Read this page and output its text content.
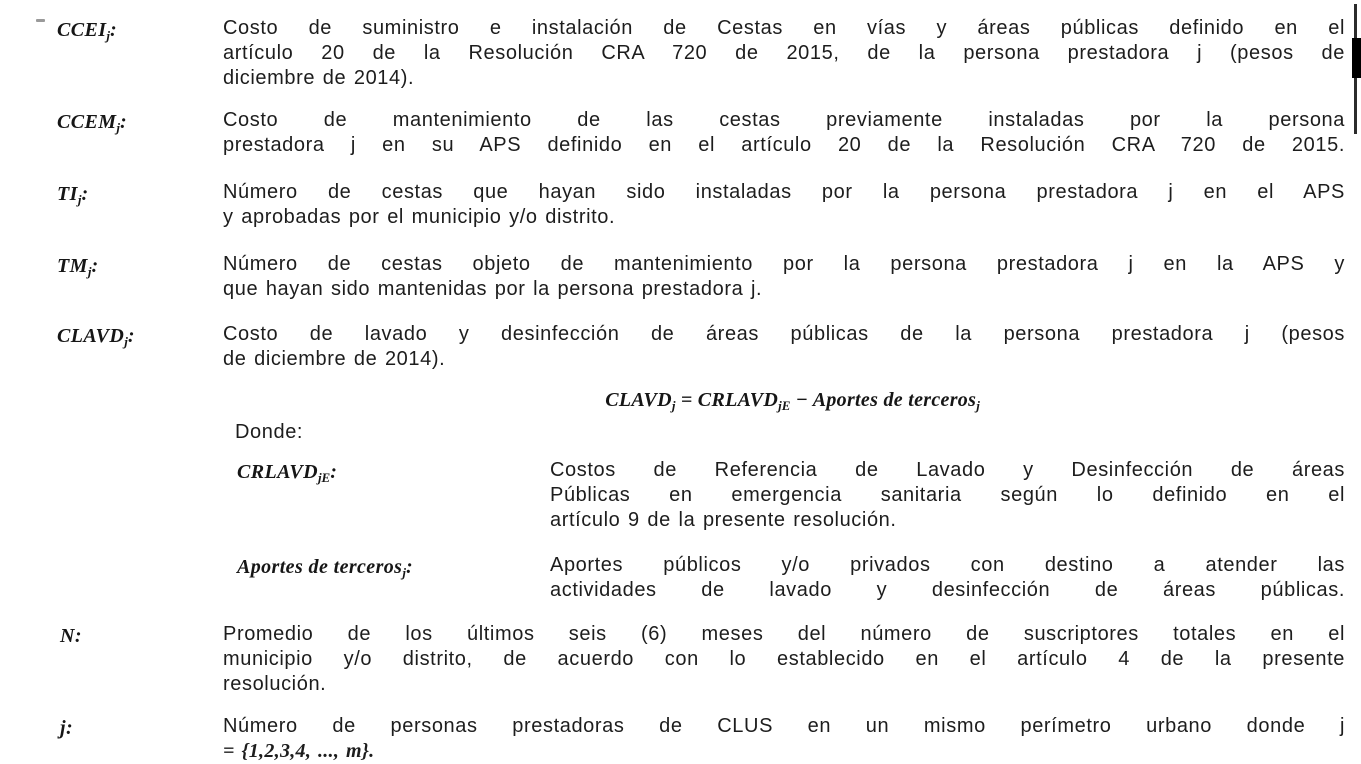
$CCEI_j$:	Costo de suministro e instalación de Cestas en vías y áreas públicas definido en el
artículo 20 de la Resolución CRA 720 de 2015, de la persona prestadora j (pesos de
diciembre de 2014).
$CCEM_j$:	Costo de mantenimiento de las cestas previamente instaladas por la persona
prestadora j en su APS definido en el artículo 20 de la Resolución CRA 720 de 2015.
$TI_j$:	Número de cestas que hayan sido instaladas por la persona prestadora j en el APS
y aprobadas por el municipio y/o distrito.
$TM_j$:	Número de cestas objeto de mantenimiento por la persona prestadora j en la APS y
que hayan sido mantenidas por la persona prestadora j.
$CLAVD_j$:	Costo de lavado y desinfección de áreas públicas de la persona prestadora j (pesos
de diciembre de 2014).
$CLAVD_j$ = $CRLAVD_{jE}$ − Aportes de terceros$_j$
Donde:
$CRLAVD_{jE}$:	Costos de Referencia de Lavado y Desinfección de áreas
Públicas en emergencia sanitaria según lo definido en el
artículo 9 de la presente resolución.
Aportes de terceros$_j$:	Aportes públicos y/o privados con destino a atender las
actividades de lavado y desinfección de áreas públicas.
N:	Promedio de los últimos seis (6) meses del número de suscriptores totales en el
municipio y/o distrito, de acuerdo con lo establecido en el artículo 4 de la presente
resolución.
j:	Número de personas prestadoras de CLUS en un mismo perímetro urbano donde j
= {1,2,3,4, ..., m}.
